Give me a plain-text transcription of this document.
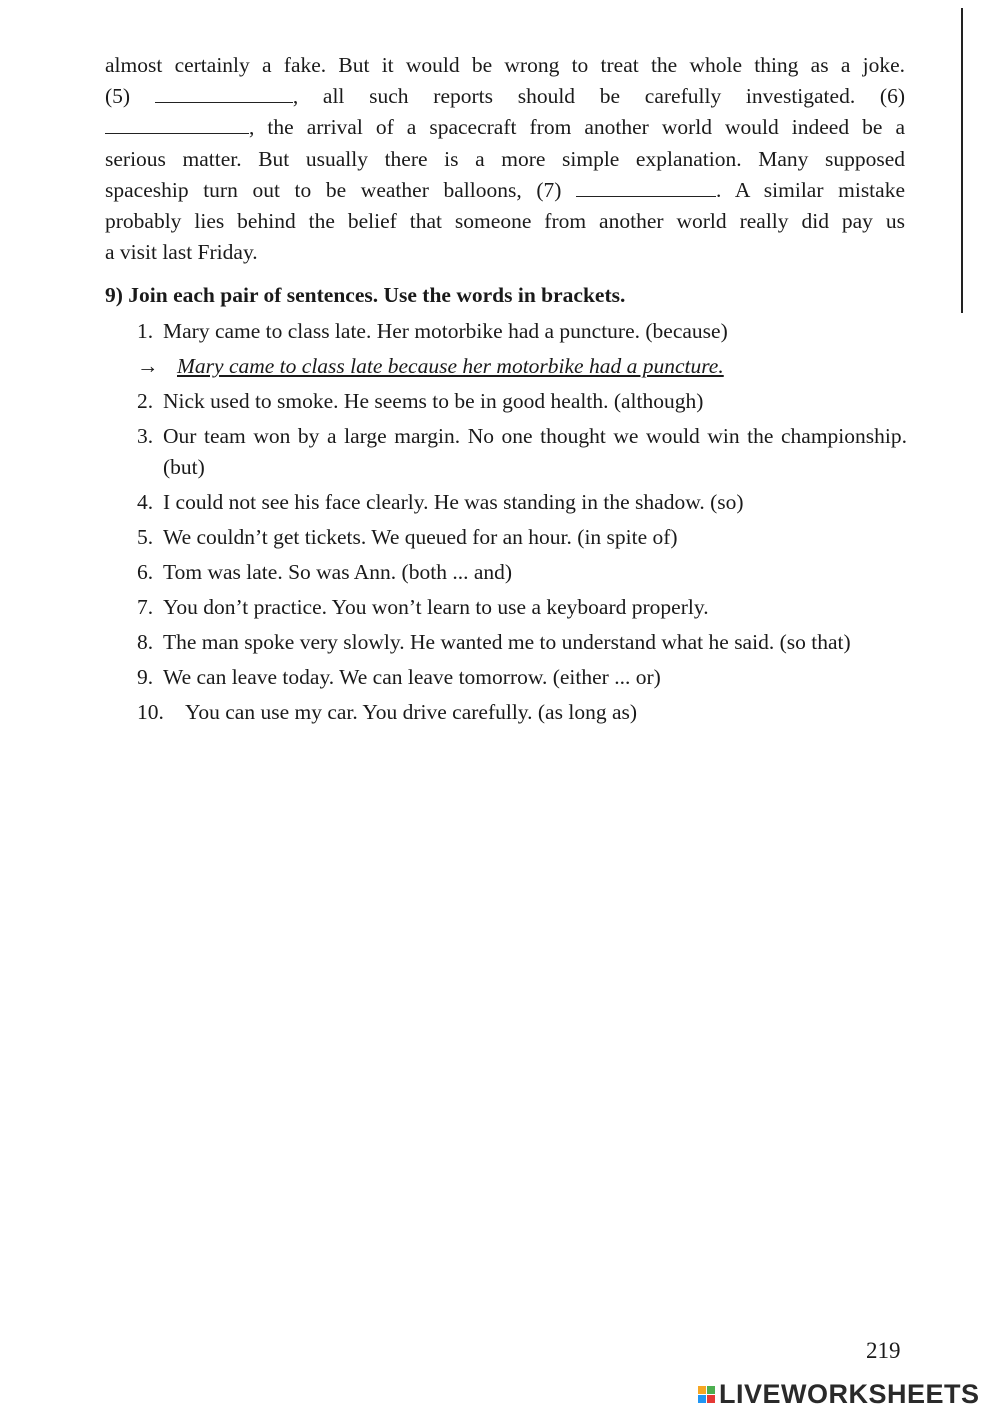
almost certainly a fake. But it would be wrong to treat the whole thing as a joke.
(5)	, all such reports should be carefully investigated. (6)
, the arrival of a spacecraft from another world would indeed be a
serious matter. But usually there is a more simple explanation. Many supposed
spaceship turn out to be weather balloons, (7)	. A similar mistake
probably lies behind the belief that someone from another world really did pay us
a visit last Friday.
9) Join each pair of sentences. Use the words in brackets.
1. Mary came to class late. Her motorbike had a puncture. (because)
→ Mary came to class late because her motorbike had a puncture.
2. Nick used to smoke. He seems to be in good health. (although)
3. Our team won by a large margin. No one thought we would win the championship. (but)
4. I could not see his face clearly. He was standing in the shadow. (so)
5. We couldn’t get tickets. We queued for an hour. (in spite of)
6. Tom was late. So was Ann. (both ... and)
7. You don’t practice. You won’t learn to use a keyboard properly.
8. The man spoke very slowly. He wanted me to understand what he said. (so that)
9. We can leave today. We can leave tomorrow. (either ... or)
10. You can use my car. You drive carefully. (as long as)
219
LIVEWORKSHEETS
